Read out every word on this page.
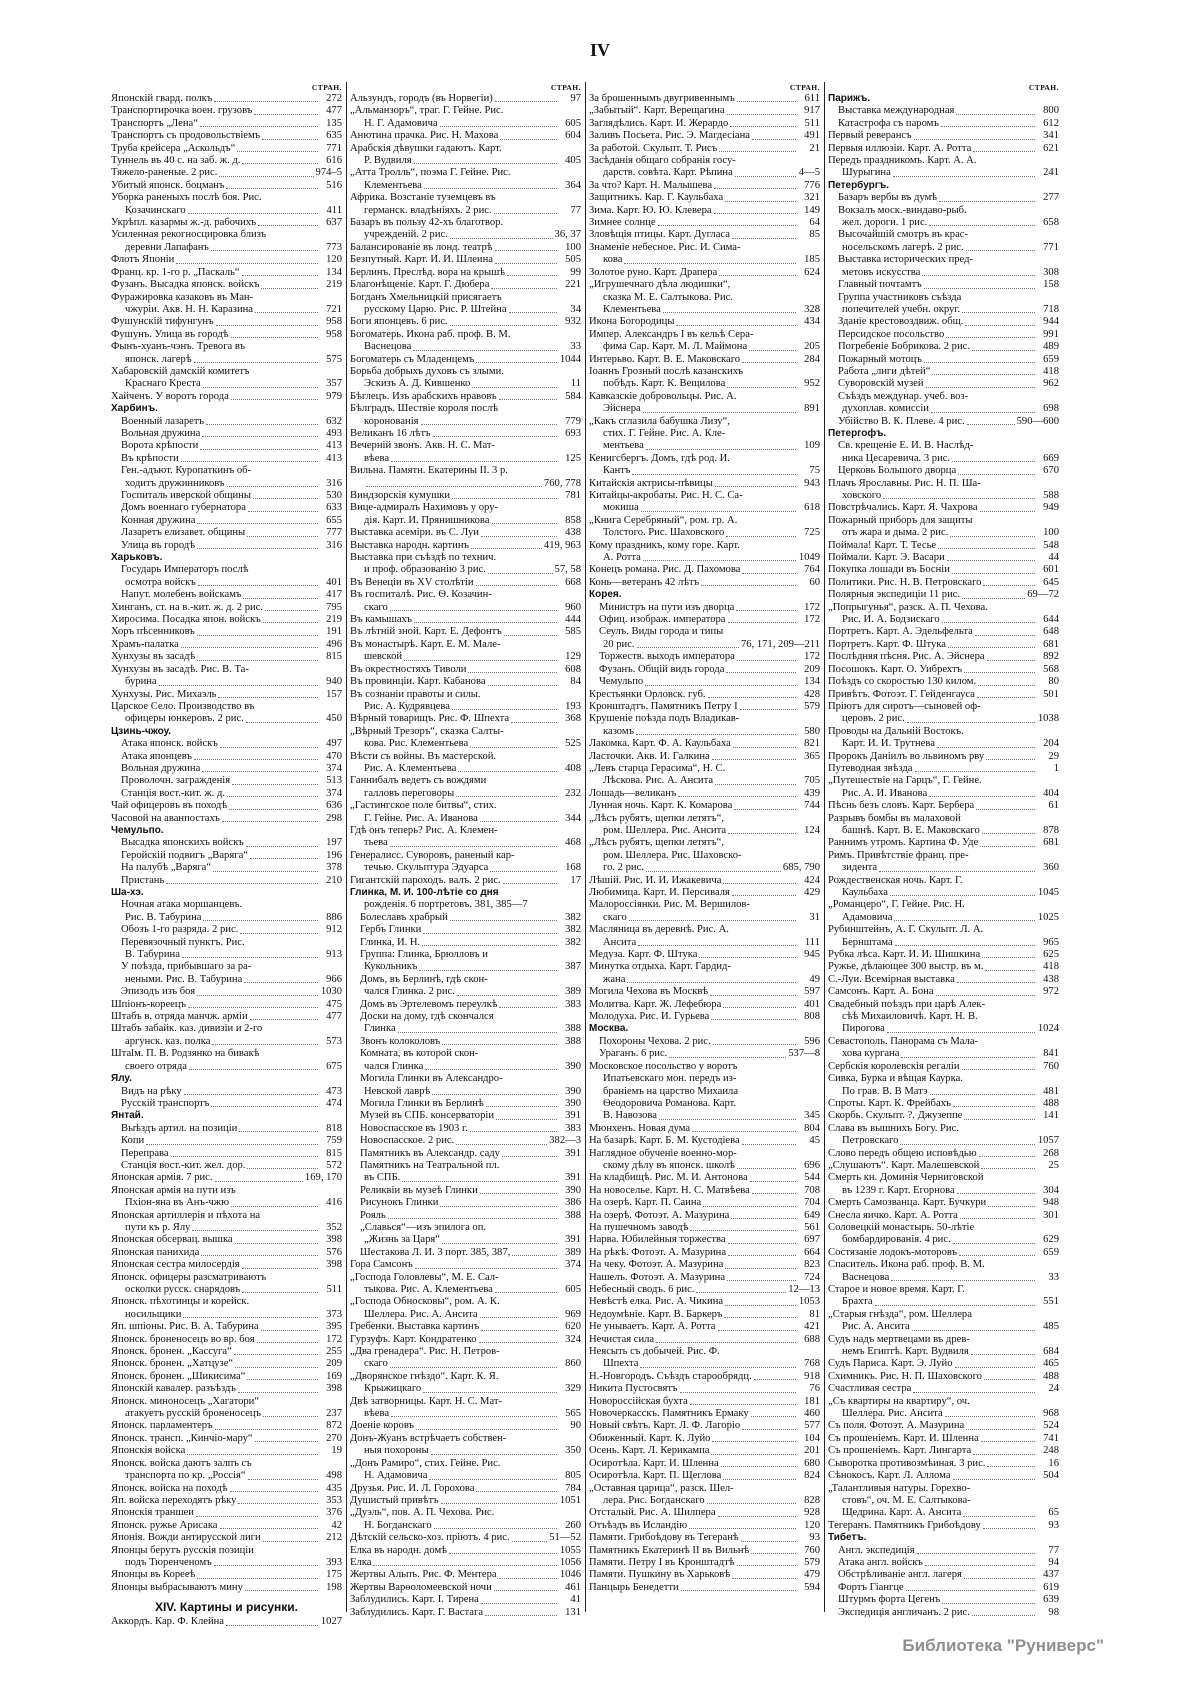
IV
СТРАН.
Японскій гвард. полкъ	272
Транспортирочка воен. грузовъ	477
Транспортъ „Лена“	135
Транспортъ съ продовольствіемъ	635
Труба крейсера „Аскольдъ“	771
Туннель въ 40 с. на заб. ж. д.	616
Тяжело-раненые. 2 рис.	974–5
Убитый японск. боцманъ	516
Уборка раненыхъ послѣ боя. Рис.
Козачинскаго	411
Укрѣпл. казармы ж.-д. рабочихъ	637
Усиленная рекогносцировка близъ
деревни Лапафанъ	773
Флотъ Японіи	120
Франц. кр. 1-го р. „Паскаль“	134
Фузанъ. Высадка японск. войскъ	219
Фуражировка казаковъ въ Ман-
чжуріи. Акв. Н. Н. Каразина	721
Фушунскій тифунгунъ	958
Фушунъ. Улица въ городѣ	958
Фынъ-хуанъ-чэнъ. Тревога въ
японск. лагерѣ	575
Хабаровскій дамскій комитетъ
Краснаго Креста	357
Хайченъ. У воротъ города	979
Харбинъ.
Военный лазаретъ	632
Вольная дружина	493
Ворота крѣпости	413
Въ крѣпости	413
Ген.-адъют. Куропаткинъ об-
ходитъ дружинниковъ	316
Госпиталь иверской общины	530
Домъ военнаго губернатора	633
Конная дружина	655
Лазаретъ елизавет. общины	777
Улица въ городѣ	316
Харьковъ.
Государь Императоръ послѣ
осмотра войскъ	401
Напут. молебенъ войскамъ	417
Хинганъ, ст. на в.-кит. ж. д. 2 рис.	795
Хиросима. Посадка япон. войскъ	219
Хоръ пѣсенниковъ	191
Храмъ-палатка	496
Хунхузы въ засадѣ	815
Хунхузы въ засадѣ. Рис. В. Та-
бурина	940
Хунхузы. Рис. Михаэль	157
Царское Село. Производство въ
офицеры юнкеровъ. 2 рис.	450
Цзинь-чжоу.
Атака японск. войскъ	497
Атака японцевъ	470
Вольная дружина	374
Проволочн. загражденія	513
Станція вост.-кит. ж. д.	374
Чай офицеровъ въ походѣ	636
Часовой на аванпостахъ	298
Чемульпо.
Высадка японскихъ войскъ	197
Геройскій подвигъ „Варяга“	196
На палубѣ „Варяга“	378
Пристань	210
Ша-хэ.
Ночная атака моршанцевъ.
Рис. В. Табурина	886
Обозъ 1-го разряда. 2 рис.	912
Перевязочный пунктъ. Рис.
В. Табурина	913
У поѣзда, прибывшаго за ра-
неными. Рис. В. Табурина	966
Эпизодъ изъ боя	1030
Шпіонъ-кореецъ	475
Штабъ в. отряда манчж. арміи	477
Штабъ забайк. каз. дивизіи и 2-го
аргунск. каз. полка	573
Штаlм. П. В. Родзянко на бивакѣ
своего отряда	675
Ялу.
Видъ на рѣку	473
Русскій транспортъ	474
Янтай.
Выѣздъ артил. на позиціи	818
Копи	759
Переправа	815
Станція вост.-кит. жел. дор.	572
Японская армія. 7 рис.	169, 170
Японская армія на пути изъ
Пхіон-яна въ Анъ-чжю	416
Японская артиллерія и пѣхота на
пути къ р. Ялу	352
Японская обсервац. вышка	398
Японская панихида	576
Японская сестра милосердія	398
Японск. офицеры разсматриваютъ
осколки русск. снарядовъ	511
Японск. пѣхотинцы и корейск.
носильщики	373
Яп. шпіоны. Рис. В. А. Табурина	395
Японск. броненосецъ во вр. боя	172
Японск. бронен. „Кассуга“	255
Японск. бронен. „Хатцузе“	209
Японск. бронен. „Шикисима“	169
Японскій кавалер. разъѣздъ	398
Японск. миноносецъ „Хагатори“
атакуетъ русскій броненосецъ	237
Японск. парламентеръ	872
Японск. трансп. „Кинчіо-мару“	270
Японскія войска	19
Японск. войска даютъ залпъ съ
транспорта по кр. „Россія“	498
Японск. войска на походѣ	435
Яп. войска переходятъ рѣку	353
Японскія траншеи	376
Японск. ружье Арисака	42
Японія. Вожди антирусской лиги	212
Японцы берутъ русскія позиціи
подъ Тюренченомъ	393
Японцы въ Корееѣ	175
Японцы выбрасываютъ мину	198
XIV. Картины и рисунки.
Аккордъ. Кар. Ф. Клейна	1027
СТРАН.
Альзундъ, городъ (въ Норвегіи)	97
„Альманзоръ“, траг. Г. Гейне. Рис.
Н. Г. Адамовича	605
Анютина прачка. Рис. Н. Махова	604
Арабскія дѣвушки гадаютъ. Карт.
Р. Вудвиля	405
„Атта Тролль“, поэма Г. Гейне. Рис.
Клементьева	364
Африка. Возстаніе туземцевъ въ
германск. владѣніяхъ. 2 рис.	77
Базаръ въ пользу 42-хъ благотвор.
учрежденій. 2 рис.	36, 37
Балансированіе въ лонд. театрѣ	100
Безпутный. Карт. И. И. Шлеина	505
Берлинъ. Преслѣд. вора на крышѣ	99
Благонѣщеніе. Карт. Г. Дюбера	221
Богданъ Хмельницкій присягаетъ
русскому Царю. Рис. Р. Штейна	34
Боги японцевъ. 6 рис.	932
Богоматерь. Икона раб. проф. В. М.
Васнецова	33
Богоматерь съ Младенцемъ	1044
Борьба добрыхъ духовъ съ злыми.
Эскизъ А. Д. Кившенко	11
Бѣглецъ. Изъ арабскихъ нравовъ	584
Бѣлградъ. Шествіе короля послѣ
коронованія	779
Великанъ 16 лѣтъ	693
Вечерній звонъ. Акв. Н. С. Мат-
вѣева	125
Вильна. Памятн. Екатерины II. 3 р.
760, 778
Виндзорскія кумушки	781
Вице-адмиралъ Нахимовъ у ору-
дія. Карт. И. Прянишникова	858
Выставка асеміри. въ С. Луи	438
Выставка народн. картинъ	419, 963
Выставка при съѣздѣ по технич.
и проф. образованію 3 рис.	57, 58
Въ Венеціи въ XV столѣтіи	668
Въ госпиталѣ. Рис. Ѳ. Козачин-
скаго	960
Въ камышахъ	444
Въ лѣтній зной. Карт. Е. Дефонтъ	585
Въ монастырѣ. Карт. Е. М. Мале-
шевской	129
Въ окрестностяхъ Тиволи	608
Въ провинціи. Карт. Кабанова	84
Въ сознаніи правоты и силы.
Рис. А. Кудрявцева	193
Вѣрный товарищъ. Рис. Ф. Шпехта	368
„Вѣрный Трезоръ“, сказка Салты-
кова. Рис. Клементьева	525
Вѣсти съ войны. Въ мастерской.
Рис. А. Клементьева	408
Ганнибалъ ведетъ съ вождями
галловъ переговоры	232
„Гастингское поле битвы“, стих.
Г. Гейне. Рис. А. Иванова	344
Гдѣ онъ теперь? Рис. А. Клемен-
тьева	468
Генералисс. Суворовъ, раненый кар-
течью. Скульптура Эдуарса	168
Гигантскій пароходъ. валъ. 2 рис.	17
Глинка, М. И. 100-лѣтіе со дня
рожденія. 6 портретовъ. 381, 385—7
Болеславъ храбрый	382
Гербъ Глинки	382
Глинка, И. Н.	382
Группа: Глинка, Брюлловъ и
Кукольникъ	387
Домъ, въ Берлинѣ, гдѣ скон-
чался Глинка. 2 рис.	389
Домъ въ Эртелевомъ переулкѣ	383
Доски на дому, гдѣ скончался
Глинка	388
Звонъ колоколовъ	388
Комната, въ которой скон-
чался Глинка	390
Могила Глинки въ Александро-
Невской лаврѣ	390
Могила Глинки въ Берлинѣ	390
Музей въ СПБ. консерваторіи	391
Новоспасское въ 1903 г.	383
Новоспасское. 2 рис.	382—3
Памятникъ въ Александр. саду	391
Памятникъ на Театральной пл.
въ СПБ.	391
Реликвіи въ музеѣ Глинки	390
Рисунокъ Глинки	386
Рояль	388
„Славься“—изъ эпилога оп.
„Жизнь за Царя“	391
Шестакова Л. И. 3 порт. 385, 387,	389
Гора Самсонъ	374
„Господа Головлевы“, М. Е. Сал-
тыкова. Рис. А. Клементьева	605
„Господа Обносковы“, ром. А. К.
Шеллера. Рис. А. Ансита	969
Гребенки. Выставка картинъ	620
Гурзуфъ. Карт. Кондратенко	324
„Два гренадера“. Рис. Н. Петров-
скаго	860
„Дворянское гнѣздо“. Карт. К. Я.
Крыжицкаго	329
Двѣ затворницы. Карт. Н. С. Мат-
вѣева	565
Доеніе коровъ	90
Донъ-Жуанъ встрѣчаетъ собствен-
ныя похороны	350
„Донъ Рамиро“, стих. Гейне. Рис.
Н. Адамовича	805
Друзья. Рис. И. Л. Горохова	784
Душистый привѣтъ	1051
„Дуэль“, пов. А. П. Чехова. Рис.
Н. Богданскаго	260
Дѣтскій сельско-хоз. пріютъ. 4 рис.	51—52
Елка въ народн. домѣ	1055
Елка	1056
Жертвы Альпъ. Рис. Ф. Ментера	1046
Жертвы Варѳоломеевской ночи	461
Заблудились. Карт. I. Тирена	41
Заблудились. Карт. Г. Вастага	131
СТРАН.
За брошеннымъ двугривеннымъ	611
„Забытый“. Карт. Верещагина	917
Заглядѣлись. Карт. И. Жерардо	511
Заливъ Посьета. Рис. Э. Магдесіана	491
За работой. Скульпт. Т. Рисъ	21
Засѣданія общаго собранія госу-
дарств. совѣта. Карт. Рѣпина	4—5
За что? Карт. Н. Малышева	776
Защитникъ. Кар. Г. Каульбаха	321
Зима. Карт. Ю. Ю. Клевера	149
Зимнее солнце	64
Зловѣщія птицы. Карт. Дугласа	85
Знаменіе небесное. Рис. И. Сима-
кова	185
Золотое руно. Карт. Драпера	624
„Игрушечнаго дѣла людишки“,
сказка М. Е. Салтыкова. Рис.
Клементьева	328
Икона Богородицы	434
Импер. Александръ I въ кельѣ Сера-
фима Сар. Карт. М. Л. Маймона	205
Интерьво. Карт. В. Е. Маковскаго	284
Іоаннъ Грозный послѣ казанскихъ
побѣдъ. Карт. К. Вещилова	952
Кавказскіе добровольцы. Рис. А.
Эйснера	891
„Какъ сглазила бабушка Лизу“,
стих. Г. Гейне. Рис. А. Кле-
ментьева	109
Кенигсбергъ. Домъ, гдѣ род. И.
Кантъ	75
Китайскія актрисы-пѣвицы	943
Китайцы-акробаты. Рис. Н. С. Са-
мокиша	618
„Книга Серебряный“, ром. гр. А.
Толстого. Рис. Шаховского	725
Кому праздникъ, кому горе. Карт.
А. Ротта	1049
Конецъ романа. Рис. Д. Пахомова	764
Конь—ветеранъ 42 лѣтъ	60
Корея.
Министръ на пути изъ дворца	172
Офиц. изображ. императора	172
Сеулъ. Виды города и типы
20 рис.	76, 171, 209—211
Торжеств. выходъ императора	172
Фузанъ. Общій видъ города	209
Чемульпо	134
Крестьянки Орловск. губ.	428
Кронштадтъ. Памятникъ Петру I	579
Крушеніе поѣзда подъ Владикав-
казомъ	580
Лакомка. Карт. Ф. А. Каульбаха	821
Ласточки. Акв. И. Галкина	365
„Левъ старца Герасима“, Н. С.
Лѣскова. Рис. А. Ансита	705
Лошадь—великанъ	439
Лунная ночь. Карт. К. Комарова	744
„Лѣсъ рубятъ, щепки летятъ“,
ром. Шеллера. Рис. Ансита	124
„Лѣсъ рубятъ, щепки летятъ“,
ром. Шеллера. Рис. Шаховско-
го. 2 рис.	685, 790
Лѣшій. Рис. И. И. Ижакевича	424
Любимица. Карт. И. Персиваля	429
Малороссіянки. Рис. М. Вершилов-
скаго	31
Масляница въ деревнѣ. Рис. А.
Ансита	111
Медуза. Карт. Ф. Штука	945
Минутка отдыха. Карт. Гардид-
жана	49
Могила Чехова въ Москвѣ	597
Молитва. Карт. Ж. Лефебюра	401
Молодуха. Рис. И. Гурьева	808
Москва.
Похороны Чехова. 2 рис.	596
Ураганъ. 6 рис.	537—8
Московское посольство у воротъ
Ипатьевскаго мон. передъ из-
браніемъ на царство Михаила
Ѳеодоровича Романова. Карт.
В. Навозова	345
Мюнхенъ. Новая дума	804
На базарѣ. Карт. Б. М. Кустодіева	45
Наглядное обученіе военно-мор-
скому дѣлу въ японск. школѣ	696
На кладбищѣ. Рис. М. И. Антонова	544
На новоселье. Карт. Н. С. Матвѣева	708
На озерѣ. Карт. П. Саина	704
На озерѣ. Фотоэт. А. Мазурина	649
На пушечномъ заводѣ	561
Нарва. Юбилейныя торжества	697
На рѣкѣ. Фотоэт. А. Мазурина	664
На чеку. Фотоэт. А. Мазурина	823
Нашелъ. Фотоэт. А. Мазурина	724
Небесный сводъ. 6 рис.	12—13
Невѣстѣ елка. Рис. А. Чикина	1053
Недоумѣніе. Карт. В. Баркеръ	81
Не унываетъ. Карт. А. Ротта	421
Нечистая сила	688
Неясыть съ добычей. Рис. Ф.
Шпехта	768
Н.-Новгородъ. Съѣздъ старообрядц.	918
Никита Пустосвятъ	76
Новороссійская бухта	181
Новочеркасскъ. Памятникъ Ермаку	460
Новый свѣтъ. Карт. Л. Ф. Лагоріо	577
Обиженный. Карт. К. Луйо	104
Осень. Карт. Л. Керикампа	201
Осиротѣла. Карт. И. Шленна	680
Осиротѣла. Карт. П. Щеглова	824
„Оставная царица“, разск. Шел-
лера. Рис. Богданскаго	828
Отсталый. Рис. А. Шилпера	928
Отъѣздъ въ Исландію	120
Памяти. Грибоѣдову въ Тегеранѣ	93
Памятникъ Екатеринѣ II въ Вильнѣ	760
Памяти. Петру I въ Кронштадтѣ	579
Памяти. Пушкину въ Харьковѣ	479
Панцырь Бенедетти	594
СТРАН.
Парижъ.
Выставка международная	800
Катастрофа съ паромъ	612
Первый реверансъ	341
Первыя иллюзіи. Карт. А. Ротта	621
Передъ праздникомъ. Карт. А. А.
Шурыгина	241
Петербургъ.
Базаръ вербы въ думѣ	277
Вокзалъ моск.-виндаво-рыб.
жел. дороги. 1 рис.	658
Высочайшій смотръ въ крас-
носельскомъ лагерѣ. 2 рис.	771
Выставка исторических пред-
метовъ искусства	308
Главный почтамтъ	158
Группа участниковъ съѣзда
попечителей учебн. округ.	718
Зданіе крестовоздвиж. общ.	944
Персидское посольство	991
Погребеніе Бобрикова. 2 рис.	489
Пожарный мотоцъ	659
Работа „лиги дѣтей“	418
Суворовскій музей	962
Съѣздъ междунар. учеб. воз-
духоплав. комиссіи	698
Убійство В. К. Плеве. 4 рис.	590—600
Петергофъ.
Св. крещеніе Е. И. В. Наслѣд-
ника Цесаревича. 3 рис.	669
Церковь Большого дворца	670
Плачъ Ярославны. Рис. Н. П. Ша-
ховского	588
Повстрѣчались. Карт. Я. Чахрова	949
Пожарный приборъ для защиты
отъ жара и дыма. 2 рис.	100
Поймала! Карт. Т. Тесье	548
Поймали. Карт. Э. Васари	44
Покупка лошади въ Босніи	601
Политики. Рис. Н. В. Петровскаго	645
Полярныя экспедиціи 11 рис.	69—72
„Попрыгунья“, разск. А. П. Чехова.
Рис. И. А. Бодзискаго	644
Портретъ. Карт. А. Эдельфельта	648
Портретъ. Карт. Ф. Штука	681
Послѣдняя пѣсня. Рис. А. Эйснера	892
Посошокъ. Карт. О. Уибрехтъ	568
Поѣздъ со скоростью 130 килом.	80
Привѣтъ. Фотоэт. Г. Гейденгауса	501
Пріютъ для сиротъ—сыновей оф-
церовъ. 2 рис.	1038
Проводы на Дальній Востокъ.
Карт. И. И. Трутнева	204
Пророкъ Даніилъ во львиномъ рву	29
Путеводная звѣзда	1
„Путешествіе на Гарцъ“, Г. Гейне.
Рис. А. И. Иванова	404
Пѣснь безъ словъ. Карт. Бербера	61
Разрывъ бомбы въ малаховой
башнѣ. Карт. В. Е. Маковскаго	878
Раннимъ утромъ. Картина Ф. Уде	681
Римъ. Привѣтствіе франц. пре-
зидента	360
Рождественская ночь. Карт. Г.
Каульбаха	1045
„Романцеро“, Г. Гейне. Рис. Н.
Адамовича	1025
Рубинштейнъ, А. Г. Скульпт. Л. А.
Бернштама	965
Рубка лѣса. Карт. И. И. Шишкина	625
Ружье, дѣлающее 300 выстр. въ м.	418
С.-Луи. Всемірная выставка	438
Самсонъ. Карт. А. Бона	972
Свадебный поѣздъ при царѣ Алек-
сѣѣ Михаиловичѣ. Карт. Н. В.
Пирогова	1024
Севастополь. Панорама съ Мала-
хова кургана	841
Сербскія королевскія регаліи	760
Сивка, Бурка и вѣщая Каурка.
По грав. В. В Матэ	481
Спроты. Карт. К. Фрейбахъ	488
Скорбь. Скульпт. ?. Джузеппе	141
Слава въ вышнихъ Богу. Рис.
Петровскаго	1057
Слово передъ общею исповѣдью	268
„Слушаютъ“. Карт. Малешевской	25
Смерть кн. Доминія Черниговской
въ 1239 г. Карт. Егорнова	304
Смерть Самозванца. Карт. Бучкури	948
Снесла яичко. Карт. А. Ротта	301
Соловецкій монастырь. 50-лѣтіе
бомбардированія. 4 рис.	629
Состязаніе лодокъ-моторовъ	659
Спаситель. Икона раб. проф. В. М.
Васнецова	33
Старое и новое время. Карт. Г.
Брахта	551
„Старыя гнѣзда“, ром. Шеллера
Рис. А. Ансита	485
Судъ надъ мертвецами въ древ-
немъ Египтѣ. Карт. Вудвиля	684
Судъ Париса. Карт. Э. Луйо	465
Схимникъ. Рис. Н. П. Шаховского	488
Счастливая сестра	24
„Съ квартиры на квартиру“, оч.
Шеллера. Рис. Ансита	968
Съ поля. Фотоэт. А. Мазурина	524
Съ прошеніемъ. Карт. И. Шленна	741
Съ прошеніемъ. Карт. Лингарта	248
Сыворотка противозмѣиная. 3 рис.	16
Сѣнокосъ. Карт. Л. Алломa	504
„Талантливыя натуры. Горехво-
стовъ“, оч. М. Е. Салтыкова-
Щедрина. Карт. А. Ансита	65
Тегеранъ. Памятникъ Грибоѣдову	93
Тибетъ.
Англ. экспедиція	77
Атака англ. войскъ	94
Обстрѣливаніе англ. лагеря	437
Фортъ Гіангце	619
Штурмъ форта Цегенъ	639
Экспедиція англичанъ. 2 рис.	98
Библиотека "Руниверс"
